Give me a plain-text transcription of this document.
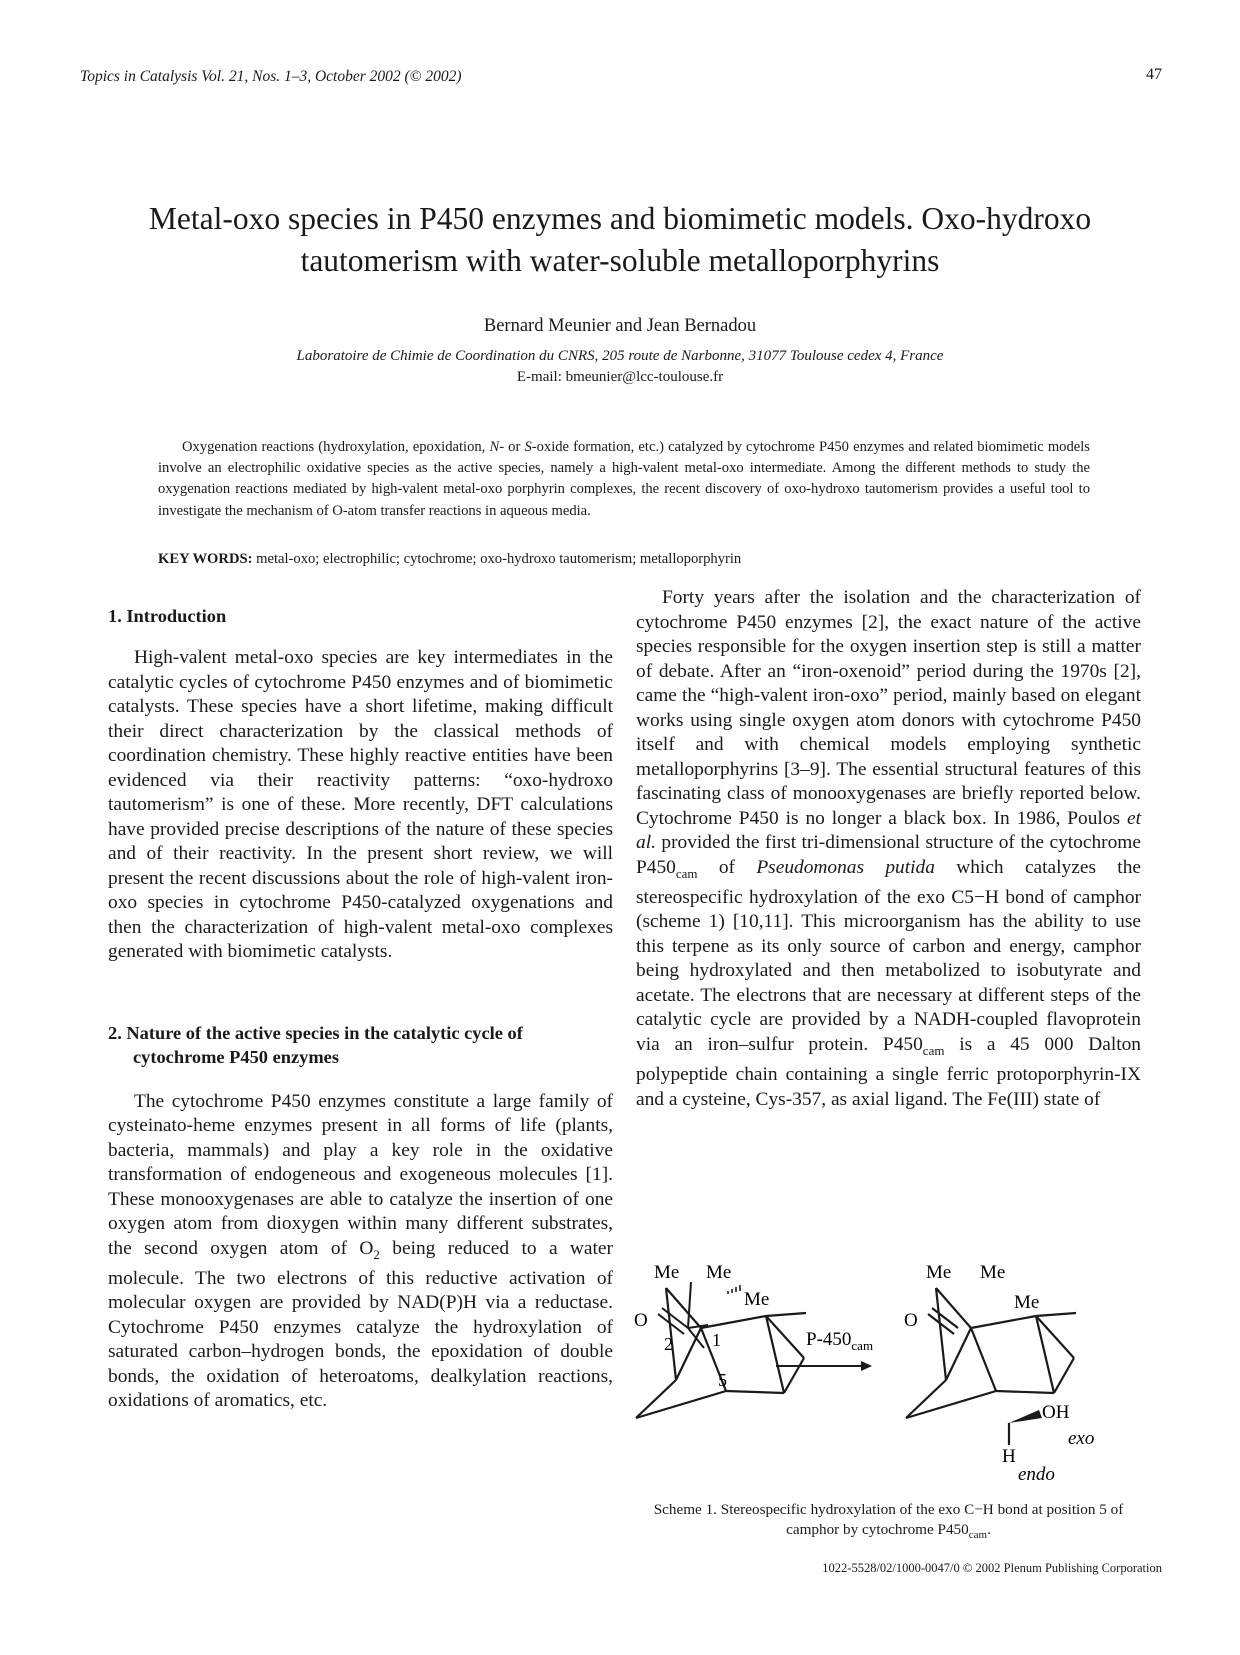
Topics in Catalysis Vol. 21, Nos. 1–3, October 2002 (© 2002)	47
Metal-oxo species in P450 enzymes and biomimetic models. Oxo-hydroxo
tautomerism with water-soluble metalloporphyrins
Bernard Meunier and Jean Bernadou
Laboratoire de Chimie de Coordination du CNRS, 205 route de Narbonne, 31077 Toulouse cedex 4, France
E-mail: bmeunier@lcc-toulouse.fr
Oxygenation reactions (hydroxylation, epoxidation, N- or S-oxide formation, etc.) catalyzed by cytochrome P450 enzymes and related biomimetic models involve an electrophilic oxidative species as the active species, namely a high-valent metal-oxo intermediate. Among the different methods to study the oxygenation reactions mediated by high-valent metal-oxo porphyrin complexes, the recent discovery of oxo-hydroxo tautomerism provides a useful tool to investigate the mechanism of O-atom transfer reactions in aqueous media.
KEY WORDS: metal-oxo; electrophilic; cytochrome; oxo-hydroxo tautomerism; metalloporphyrin
1. Introduction
High-valent metal-oxo species are key intermediates in the catalytic cycles of cytochrome P450 enzymes and of biomimetic catalysts. These species have a short lifetime, making difficult their direct characterization by the classical methods of coordination chemistry. These highly reactive entities have been evidenced via their reactivity patterns: “oxo-hydroxo tautomerism” is one of these. More recently, DFT calculations have provided precise descriptions of the nature of these species and of their reactivity. In the present short review, we will present the recent discussions about the role of high-valent iron-oxo species in cytochrome P450-catalyzed oxygenations and then the characterization of high-valent metal-oxo complexes generated with biomimetic catalysts.
2. Nature of the active species in the catalytic cycle of
cytochrome P450 enzymes
The cytochrome P450 enzymes constitute a large family of cysteinato-heme enzymes present in all forms of life (plants, bacteria, mammals) and play a key role in the oxidative transformation of endogeneous and exogeneous molecules [1]. These monooxygenases are able to catalyze the insertion of one oxygen atom from dioxygen within many different substrates, the second oxygen atom of $O_2$ being reduced to a water molecule. The two electrons of this reductive activation of molecular oxygen are provided by NAD(P)H via a reductase. Cytochrome P450 enzymes catalyze the hydroxylation of saturated carbon–hydrogen bonds, the epoxidation of double bonds, the oxidation of heteroatoms, dealkylation reactions, oxidations of aromatics, etc.
Forty years after the isolation and the characterization of cytochrome P450 enzymes [2], the exact nature of the active species responsible for the oxygen insertion step is still a matter of debate. After an “iron-oxenoid” period during the 1970s [2], came the “high-valent iron-oxo” period, mainly based on elegant works using single oxygen atom donors with cytochrome P450 itself and with chemical models employing synthetic metalloporphyrins [3–9]. The essential structural features of this fascinating class of monooxygenases are briefly reported below. Cytochrome P450 is no longer a black box. In 1986, Poulos et al. provided the first tri-dimensional structure of the cytochrome $P450_{cam}$ of Pseudomonas putida which catalyzes the stereospecific hydroxylation of the exo C5−H bond of camphor (scheme 1) [10,11]. This microorganism has the ability to use this terpene as its only source of carbon and energy, camphor being hydroxylated and then metabolized to isobutyrate and acetate. The electrons that are necessary at different steps of the catalytic cycle are provided by a NADH-coupled flavoprotein via an iron–sulfur protein. $P450_{cam}$ is a 45 000 Dalton polypeptide chain containing a single ferric protoporphyrin-IX and a cysteine, Cys-357, as axial ligand. The Fe(III) state of
Me Me
Me
O
2 1
5
$P-450_{cam}$
Me Me
Me
O
OH
exo
H
endo
Scheme 1. Stereospecific hydroxylation of the exo C−H bond at position 5 of camphor by cytochrome $P450_{cam}$.
1022-5528/02/1000-0047/0 © 2002 Plenum Publishing Corporation
